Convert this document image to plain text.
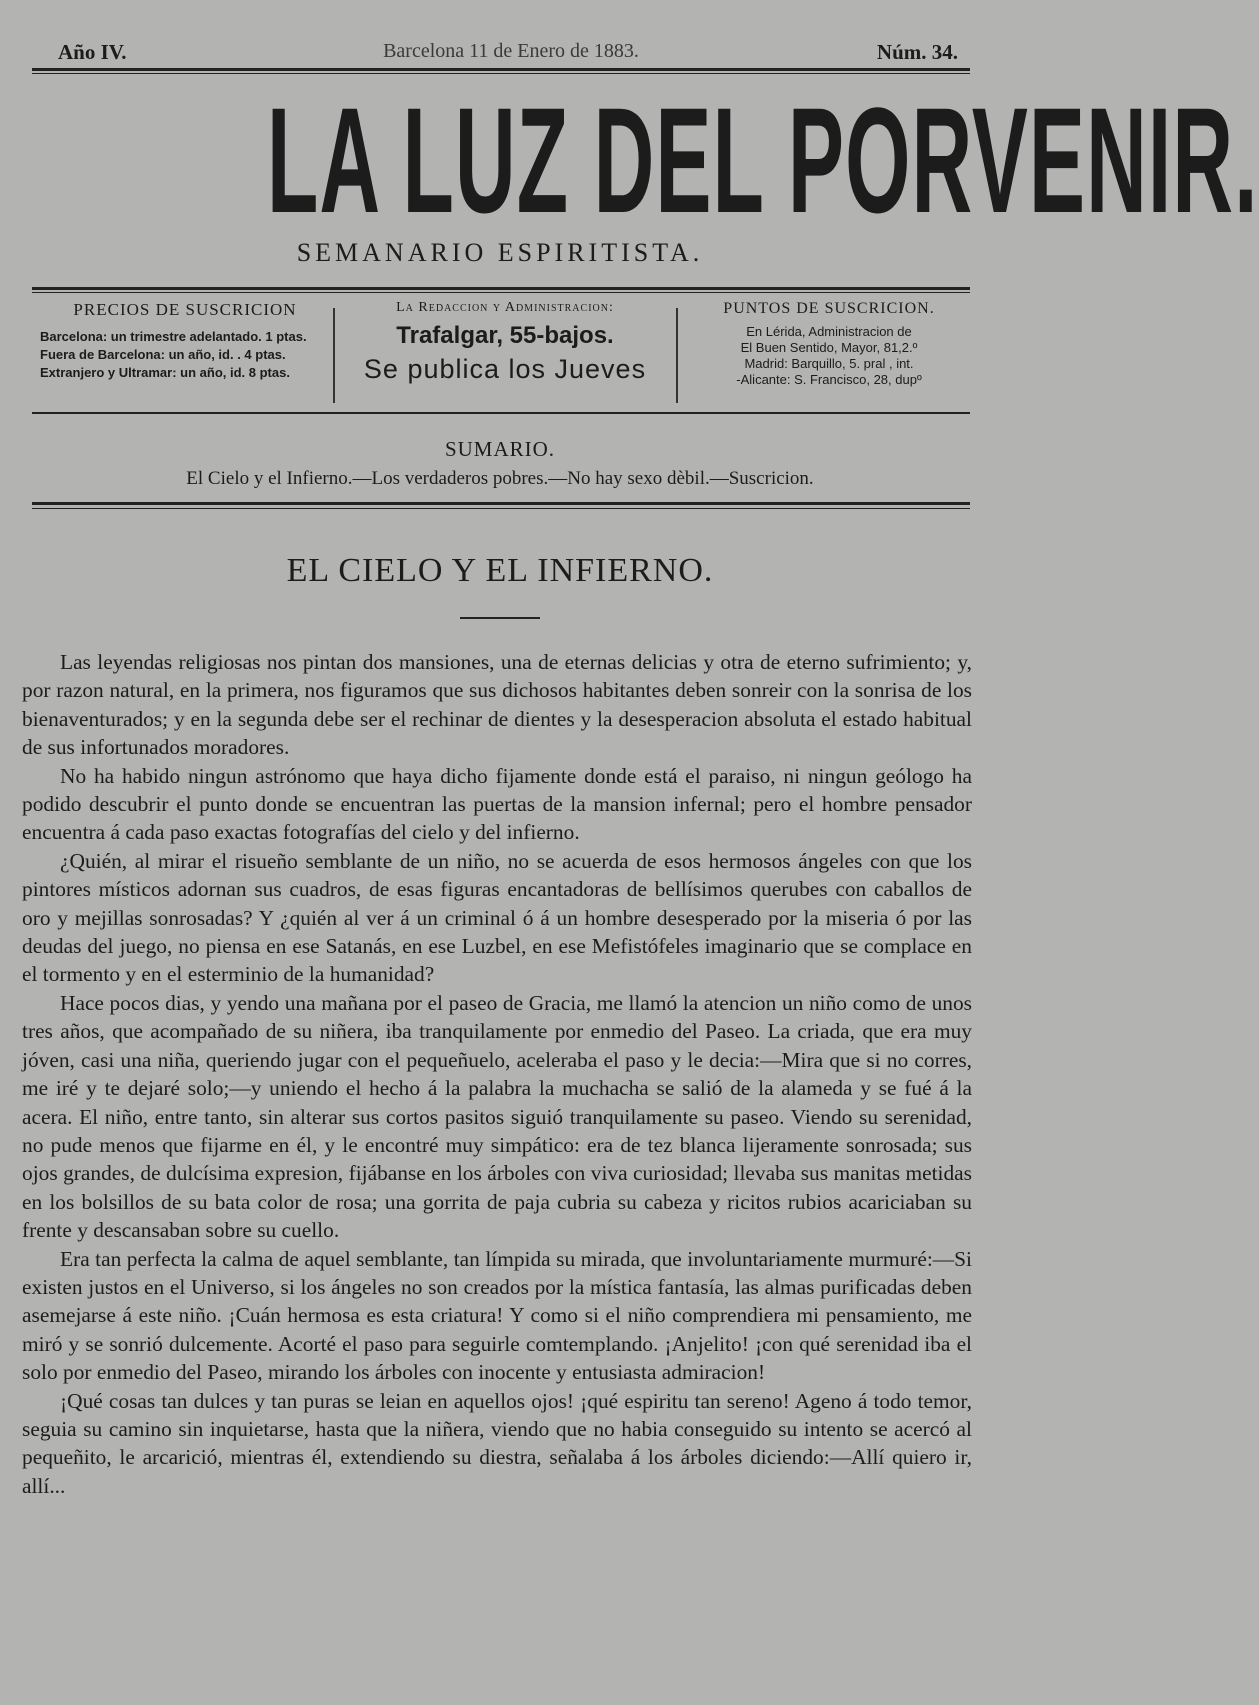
Año IV.	Barcelona 11 de Enero de 1883.	Núm. 34.
LA LUZ DEL PORVENIR.
SEMANARIO ESPIRITISTA.
PRECIOS DE SUSCRICION
Barcelona: un trimestre adelantado. 1 ptas.
Fuera de Barcelona: un año, id. . 4 ptas.
Extranjero y Ultramar: un año, id. 8 ptas.
La Redaccion y Administracion:
Trafalgar, 55-bajos.
Se publica los Jueves
PUNTOS DE SUSCRICION.
En Lérida, Administracion de
El Buen Sentido, Mayor, 81,2.º
Madrid: Barquillo, 5. pral , int.
-Alicante: S. Francisco, 28, dupº
SUMARIO.
El Cielo y el Infierno.—Los verdaderos pobres.—No hay sexo dèbil.—Suscricion.
EL CIELO Y EL INFIERNO.

Las leyendas religiosas nos pintan dos mansiones, una de eternas delicias y otra de eterno sufrimiento; y, por razon natural, en la primera, nos figuramos que sus dichosos habitantes deben sonreir con la sonrisa de los bienaventurados; y en la segunda debe ser el rechinar de dientes y la desesperacion absoluta el estado habitual de sus infortunados moradores.

No ha habido ningun astrónomo que haya dicho fijamente donde está el paraiso, ni ningun geólogo ha podido descubrir el punto donde se encuentran las puertas de la mansion infernal; pero el hombre pensador encuentra á cada paso exactas fotografías del cielo y del infierno.

¿Quién, al mirar el risueño semblante de un niño, no se acuerda de esos hermosos ángeles con que los pintores místicos adornan sus cuadros, de esas figuras encantadoras de bellísimos querubes con caballos de oro y mejillas sonrosadas? Y ¿quién al ver á un criminal ó á un hombre desesperado por la miseria ó por las deudas del juego, no piensa en ese Satanás, en ese Luzbel, en ese Mefistófeles imaginario que se complace en el tormento y en el esterminio de la humanidad?

Hace pocos dias, y yendo una mañana por el paseo de Gracia, me llamó la atencion un niño como de unos tres años, que acompañado de su niñera, iba tranquilamente por enmedio del Paseo. La criada, que era muy jóven, casi una niña, queriendo jugar con el pequeñuelo, aceleraba el paso y le decia:—Mira que si no corres, me iré y te dejaré solo;—y uniendo el hecho á la palabra la muchacha se salió de la alameda y se fué á la acera. El niño, entre tanto, sin alterar sus cortos pasitos siguió tranquilamente su paseo. Viendo su serenidad, no pude menos que fijarme en él, y le encontré muy simpático: era de tez blanca lijeramente sonrosada; sus ojos grandes, de dulcísima expresion, fijábanse en los árboles con viva curiosidad; llevaba sus manitas metidas en los bolsillos de su bata color de rosa; una gorrita de paja cubria su cabeza y ricitos rubios acariciaban su frente y descansaban sobre su cuello.

Era tan perfecta la calma de aquel semblante, tan límpida su mirada, que involuntariamente murmuré:—Si existen justos en el Universo, si los ángeles no son creados por la mística fantasía, las almas purificadas deben asemejarse á este niño. ¡Cuán hermosa es esta criatura! Y como si el niño comprendiera mi pensamiento, me miró y se sonrió dulcemente. Acorté el paso para seguirle comtemplando. ¡Anjelito! ¡con qué serenidad iba el solo por enmedio del Paseo, mirando los árboles con inocente y entusiasta admiracion!

¡Qué cosas tan dulces y tan puras se leian en aquellos ojos! ¡qué espiritu tan sereno! Ageno á todo temor, seguia su camino sin inquietarse, hasta que la niñera, viendo que no habia conseguido su intento se acercó al pequeñito, le arcarició, mientras él, extendiendo su diestra, señalaba á los árboles diciendo:—Allí quiero ir, allí...
